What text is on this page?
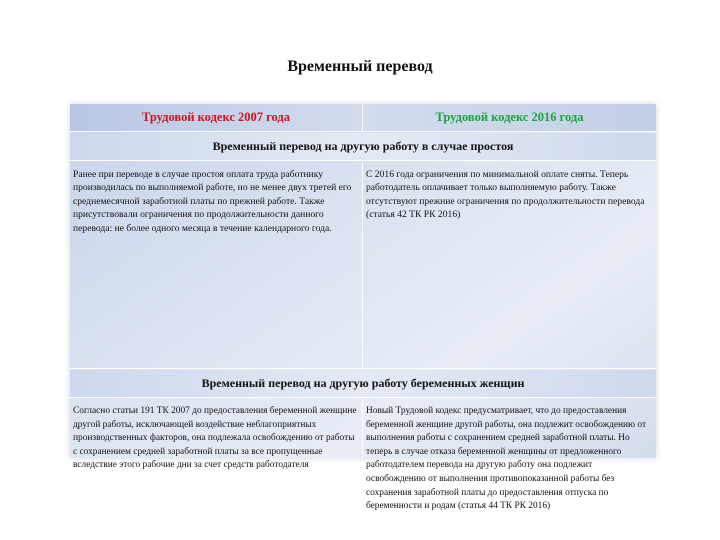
Временный перевод
Трудовой кодекс 2007 года	Трудовой кодекс 2016 года
Временный перевод на другую работу в случае простоя
Ранее при переводе в случае простоя оплата труда работнику производилась по выполняемой работе, но не менее двух третей его среднемесячной заработной платы по прежней работе. Также присутствовали ограничения по продолжительности данного перевода: не более одного месяца в течение календарного года.
С 2016 года ограничения по минимальной оплате сняты. Теперь работодатель оплачивает только выполняемую работу. Также отсутствуют прежние ограничения по продолжительности перевода (статья 42 ТК РК 2016)
Временный перевод на другую работу беременных женщин
Согласно статьи 191 ТК 2007 до предоставления беременной женщине другой работы, исключающей воздействие неблагоприятных производственных факторов, она подлежала освобождению от работы с сохранением средней заработной платы за все пропущенные вследствие этого рабочие дни за счет средств работодателя
Новый Трудовой кодекс предусматривает, что до предоставления беременной женщине другой работы, она подлежит освобождению от выполнения работы с сохранением средней заработной платы. Но теперь в случае отказа беременной женщины от предложенного работодателем перевода на другую работу она подлежит освобождению от выполнения противопоказанной работы без сохранения заработной платы до предоставления отпуска по беременности и родам (статья 44 ТК РК 2016)
